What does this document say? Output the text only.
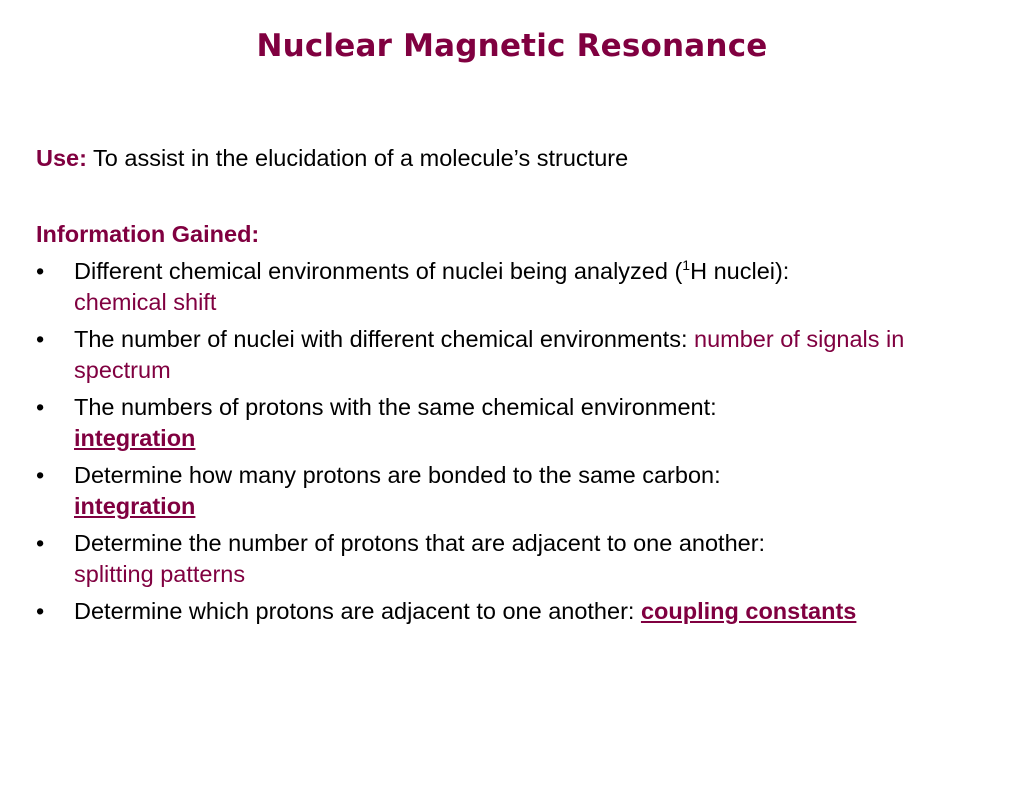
Nuclear Magnetic Resonance
Use: To assist in the elucidation of a molecule’s structure
Information Gained:
• Different chemical environments of nuclei being analyzed ($^1$H nuclei):
chemical shift
• The number of nuclei with different chemical environments: number of signals in spectrum
• The numbers of protons with the same chemical environment:
integration
• Determine how many protons are bonded to the same carbon:
integration
• Determine the number of protons that are adjacent to one another:
splitting patterns
• Determine which protons are adjacent to one another: coupling constants
